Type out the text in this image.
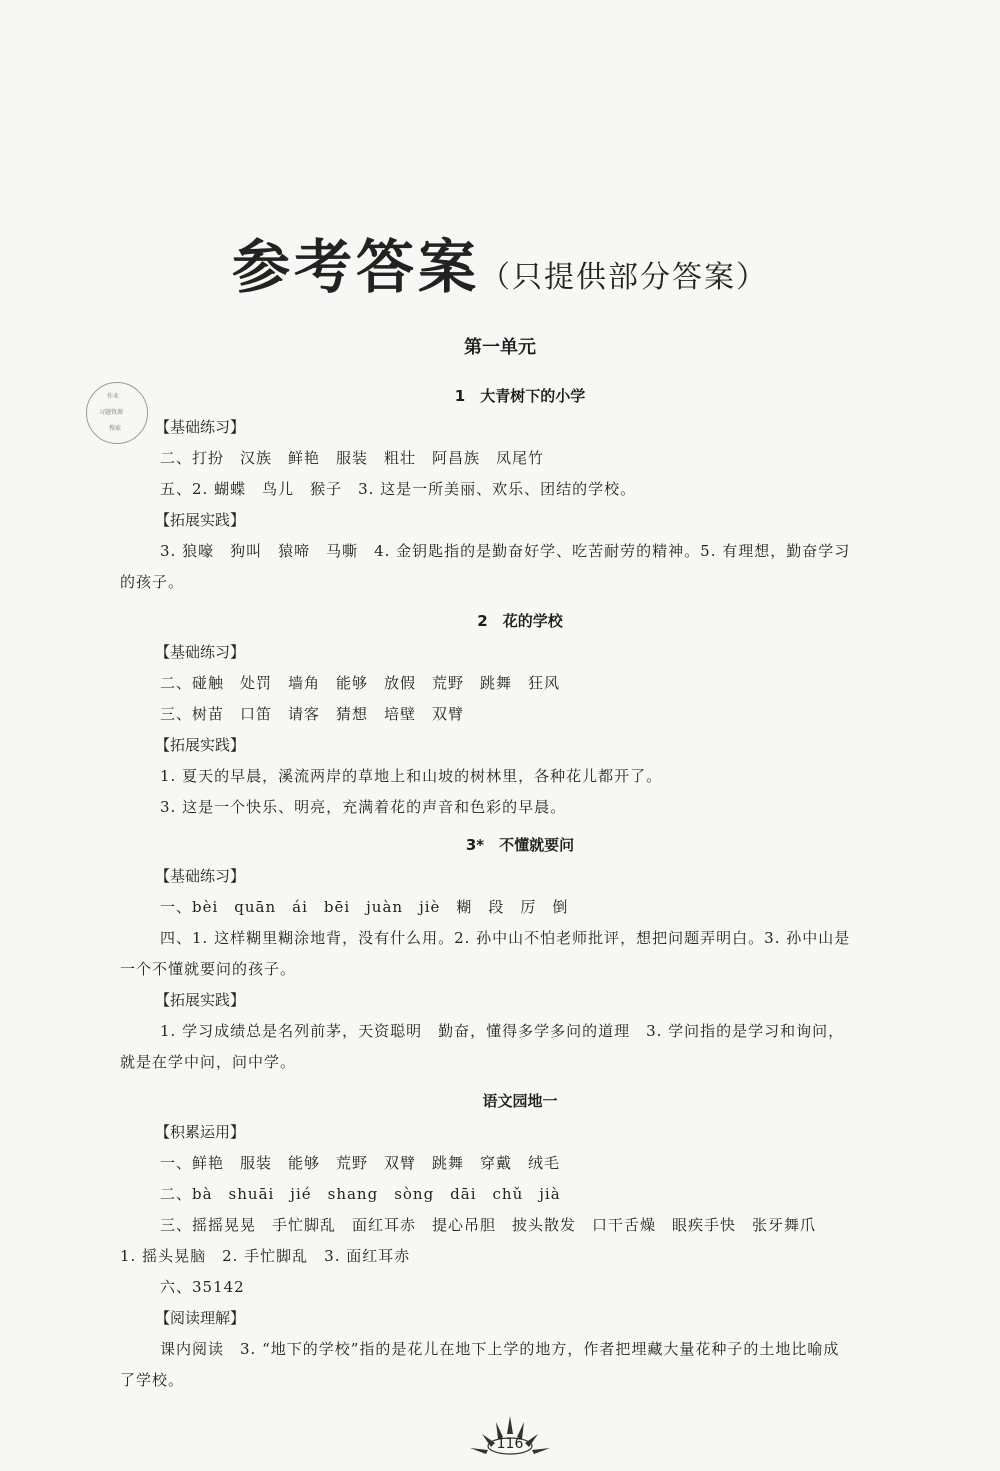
参考答案（只提供部分答案）
第一单元
作业
习题资源
搜索
1　大青树下的小学
【基础练习】
二、打扮　汉族　鲜艳　服装　粗壮　阿昌族　凤尾竹
五、2. 蝴蝶　鸟儿　猴子　3. 这是一所美丽、欢乐、团结的学校。
【拓展实践】
3. 狼嚎　狗叫　猿啼　马嘶　4. 金钥匙指的是勤奋好学、吃苦耐劳的精神。5. 有理想，勤奋学习
的孩子。
2　花的学校
【基础练习】
二、碰触　处罚　墙角　能够　放假　荒野　跳舞　狂风
三、树苗　口笛　请客　猜想　培壁　双臂
【拓展实践】
1. 夏天的早晨，溪流两岸的草地上和山坡的树林里，各种花儿都开了。
3. 这是一个快乐、明亮，充满着花的声音和色彩的早晨。
3*　不懂就要问
【基础练习】
一、bèi　quān　ái　bēi　juàn　jiè　糊　段　厉　倒
四、1. 这样糊里糊涂地背，没有什么用。2. 孙中山不怕老师批评，想把问题弄明白。3. 孙中山是
一个不懂就要问的孩子。
【拓展实践】
1. 学习成绩总是名列前茅，天资聪明　勤奋，懂得多学多问的道理　3. 学问指的是学习和询问，
就是在学中问，问中学。
语文园地一
【积累运用】
一、鲜艳　服装　能够　荒野　双臂　跳舞　穿戴　绒毛
二、bà　shuāi　jié　shang　sòng　dāi　chǔ　jià
三、摇摇晃晃　手忙脚乱　面红耳赤　提心吊胆　披头散发　口干舌燥　眼疾手快　张牙舞爪
1. 摇头晃脑　2. 手忙脚乱　3. 面红耳赤
六、35142
【阅读理解】
课内阅读　3. “地下的学校”指的是花儿在地下上学的地方，作者把埋藏大量花种子的土地比喻成
了学校。
116
